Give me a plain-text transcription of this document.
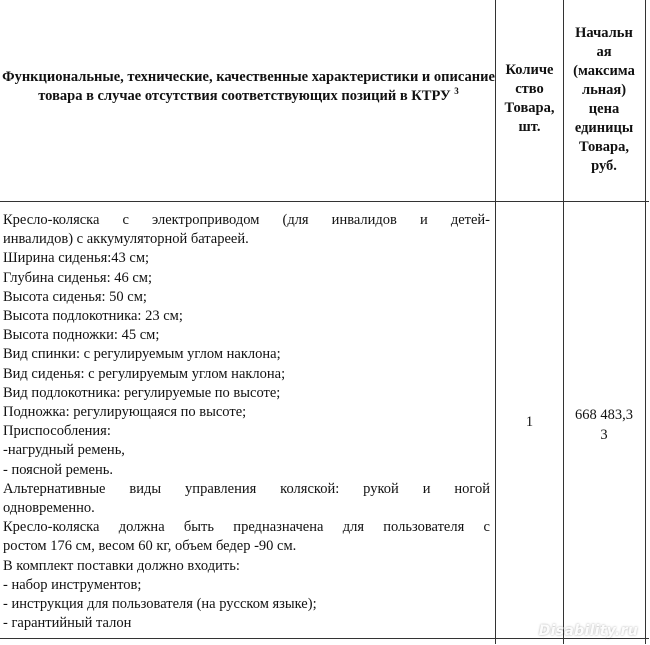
Функциональные, технические, качественные характеристики и описание товара в случае отсутствия соответствующих позиций в КТРУ $^3$
Количе
ство
Товара,
шт.
Начальн
ая
(максима
льная)
цена
единицы
Товара,
руб.
Кресло-коляска с электроприводом (для инвалидов и детей-
инвалидов) с аккумуляторной батареей.
Ширина сиденья:43 см;
Глубина сиденья: 46 см;
Высота сиденья: 50 см;
Высота подлокотника: 23 см;
Высота подножки: 45 см;
Вид спинки: с регулируемым углом наклона;
Вид сиденья: с регулируемым углом наклона;
Вид подлокотника: регулируемые по высоте;
Подножка: регулирующаяся по высоте;
Приспособления:
-нагрудный ремень,
- поясной ремень.
Альтернативные виды управления коляской: рукой и ногой
одновременно.
Кресло-коляска должна быть предназначена для пользователя с
ростом 176 см, весом 60 кг, объем бедер -90 см.
В комплект поставки должно входить:
- набор инструментов;
- инструкция для пользователя (на русском языке);
- гарантийный талон
1	668 483,3
3
Disability.ru
